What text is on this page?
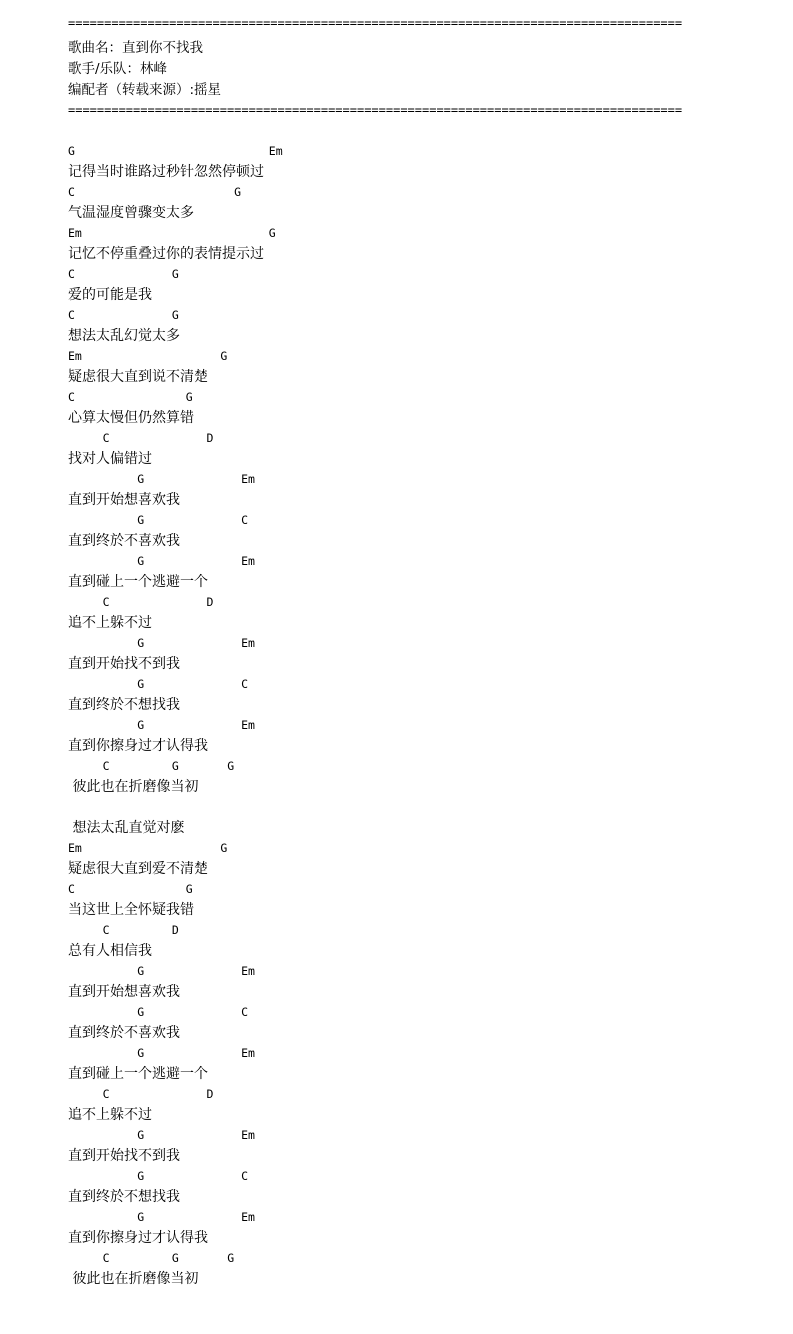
=====================================================================================
歌曲名：直到你不找我
歌手/乐队：林峰
编配者（转载来源）:摇星
=====================================================================================
G                            Em
记得当时谁路过秒针忽然停顿过
C                       G
气温湿度曾骤变太多
Em                           G
记忆不停重叠过你的表情提示过
C              G
爱的可能是我
C              G
想法太乱幻觉太多
Em                    G
疑虑很大直到说不清楚
C                G
心算太慢但仍然算错
C              D
找对人偏错过
G              Em
直到开始想喜欢我
G              C
直到终於不喜欢我
G              Em
直到碰上一个逃避一个
C              D
追不上躲不过
G              Em
直到开始找不到我
G              C
直到终於不想找我
G              Em
直到你擦身过才认得我
C         G       G
彼此也在折磨像当初

想法太乱直觉对麽
Em                    G
疑虑很大直到爱不清楚
C                G
当这世上全怀疑我错
C         D
总有人相信我
G              Em
直到开始想喜欢我
G              C
直到终於不喜欢我
G              Em
直到碰上一个逃避一个
C              D
追不上躲不过
G              Em
直到开始找不到我
G              C
直到终於不想找我
G              Em
直到你擦身过才认得我
C         G       G
彼此也在折磨像当初
